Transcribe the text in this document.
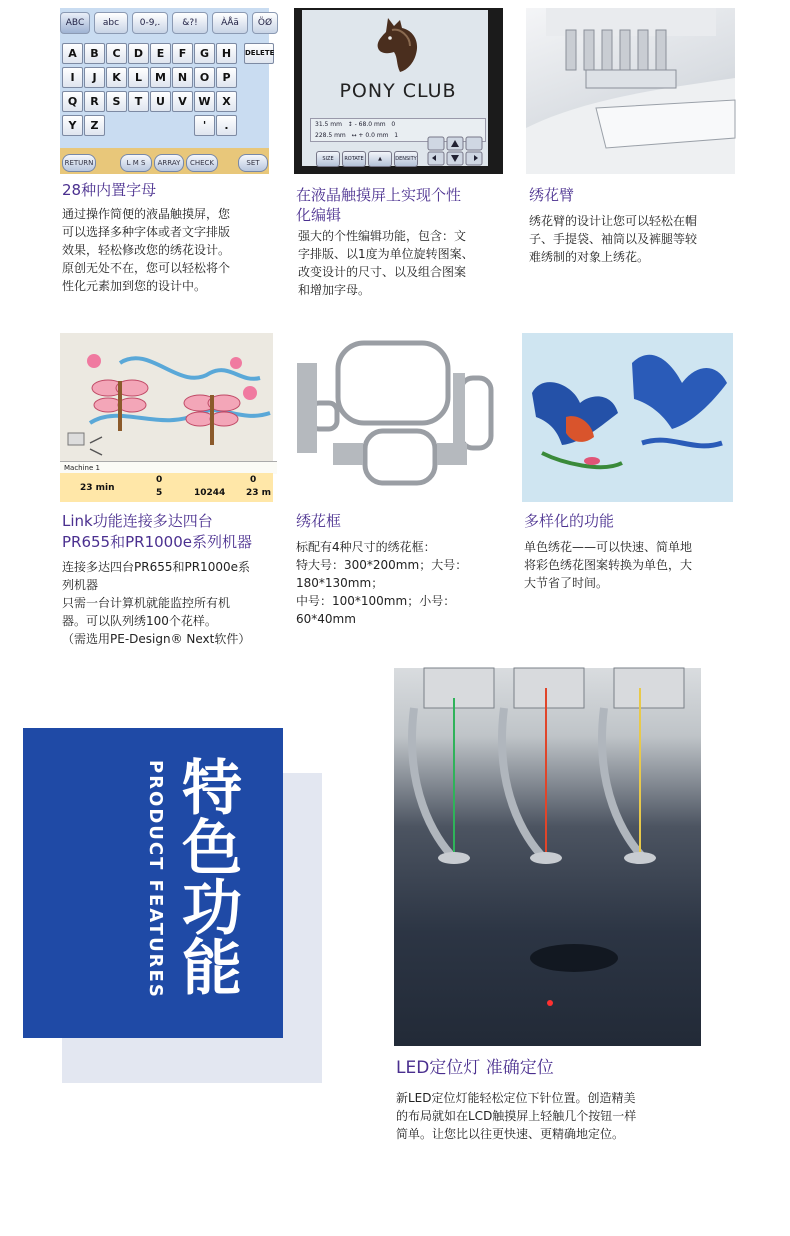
ABC	abc	0-9,.	&?!	ÀÅä	ÖØ
A	B	C	D	E	F	G	H
I	J	K	L	M	N	O	P
Q	R	S	T	U	V	W	X
Y	Z	'	.
DELETE
RETURN	L M S	ARRAY	CHECK	SET
PONY CLUB
31.5 mm   ↕ - 68.0 mm   0
228.5 mm   ↔ + 0.0 mm   1
SIZE	ROTATE	▲	DENSITY
28种内置字母
通过操作简便的液晶触摸屏，您
可以选择多种字体或者文字排版
效果，轻松修改您的绣花设计。
原创无处不在，您可以轻松将个
性化元素加到您的设计中。
在液晶触摸屏上实现个性
化编辑
强大的个性编辑功能，包含：文
字排版、以1度为单位旋转图案、
改变设计的尺寸、以及组合图案
和增加字母。
绣花臂
绣花臂的设计让您可以轻松在帽
子、手提袋、袖筒以及裤腿等较
难绣制的对象上绣花。
Machine 1
23 min
0
5	10244
0
23 m
Link功能连接多达四台
PR655和PR1000e系列机器
连接多达四台PR655和PR1000e系
列机器
只需一台计算机就能监控所有机
器。可以队列绣100个花样。
（需选用PE-Design® Next软件）
绣花框
标配有4种尺寸的绣花框：
特大号：300*200mm；大号：
180*130mm；
中号：100*100mm；小号：
60*40mm
多样化的功能
单色绣花——可以快速、简单地
将彩色绣花图案转换为单色，大
大节省了时间。
PRODUCT FEATURES 特色功能
LED定位灯 准确定位
新LED定位灯能轻松定位下针位置。创造精美
的布局就如在LCD触摸屏上轻触几个按钮一样
简单。让您比以往更快速、更精确地定位。
